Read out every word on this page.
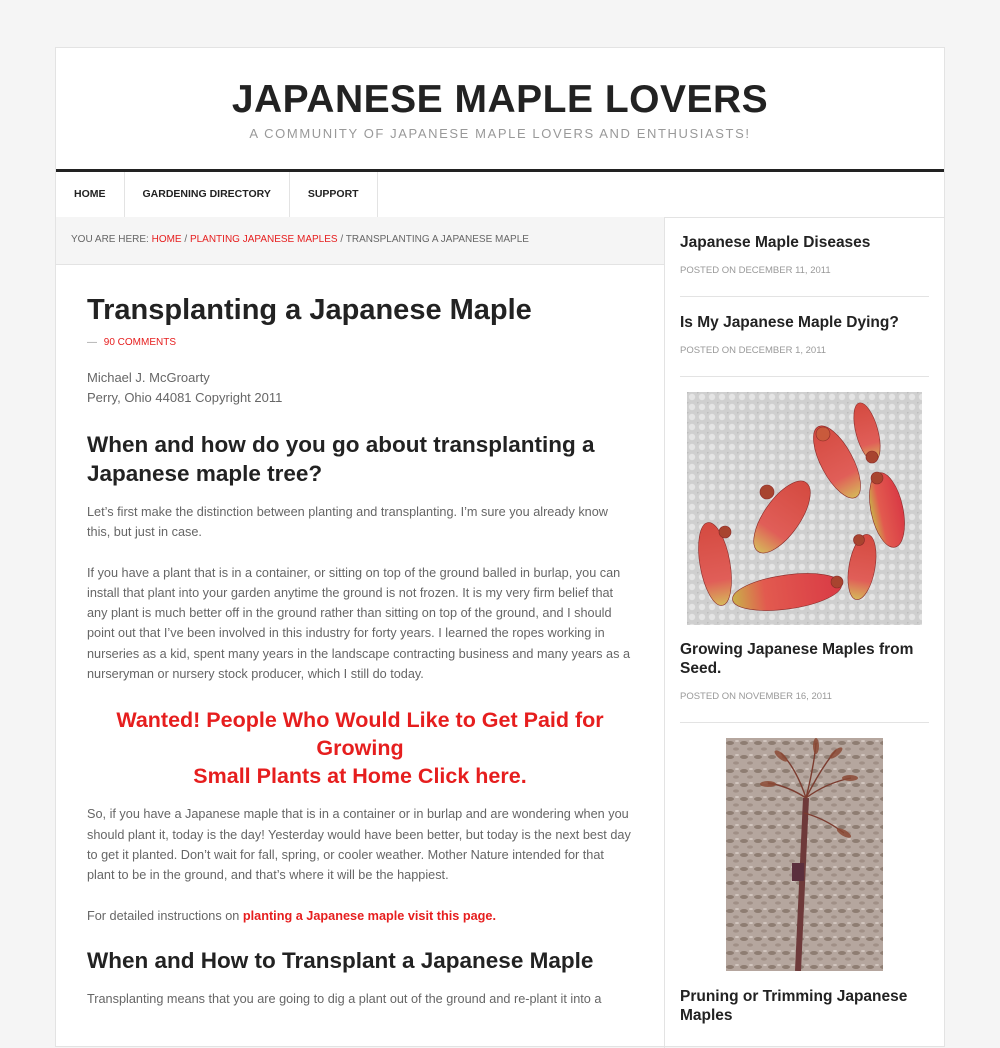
JAPANESE MAPLE LOVERS

A COMMUNITY OF JAPANESE MAPLE LOVERS AND ENTHUSIASTS!

HOME	GARDENING DIRECTORY	SUPPORT
YOU ARE HERE: HOME / PLANTING JAPANESE MAPLES / TRANSPLANTING A JAPANESE MAPLE
Transplanting a Japanese Maple
— 90 COMMENTS
Michael J. McGroarty
Perry, Ohio 44081 Copyright 2011
When and how do you go about transplanting a Japanese maple tree?

Let’s first make the distinction between planting and transplanting. I’m sure you already know this, but just in case.

If you have a plant that is in a container, or sitting on top of the ground balled in burlap, you can install that plant into your garden anytime the ground is not frozen. It is my very firm belief that any plant is much better off in the ground rather than sitting on top of the ground, and I should point out that I’ve been involved in this industry for forty years. I learned the ropes working in nurseries as a kid, spent many years in the landscape contracting business and many years as a nurseryman or nursery stock producer, which I still do today.

Wanted! People Who Would Like to Get Paid for Growing
Small Plants at Home Click here.

So, if you have a Japanese maple that is in a container or in burlap and are wondering when you should plant it, today is the day! Yesterday would have been better, but today is the next best day to get it planted. Don’t wait for fall, spring, or cooler weather. Mother Nature intended for that plant to be in the ground, and that’s where it will be the happiest.

For detailed instructions on planting a Japanese maple visit this page.

When and How to Transplant a Japanese Maple

Transplanting means that you are going to dig a plant out of the ground and re-plant it into a

Japanese Maple Diseases
POSTED ON DECEMBER 11, 2011
Is My Japanese Maple Dying?
POSTED ON DECEMBER 1, 2011
Growing Japanese Maples from Seed.
POSTED ON NOVEMBER 16, 2011
Pruning or Trimming Japanese Maples
